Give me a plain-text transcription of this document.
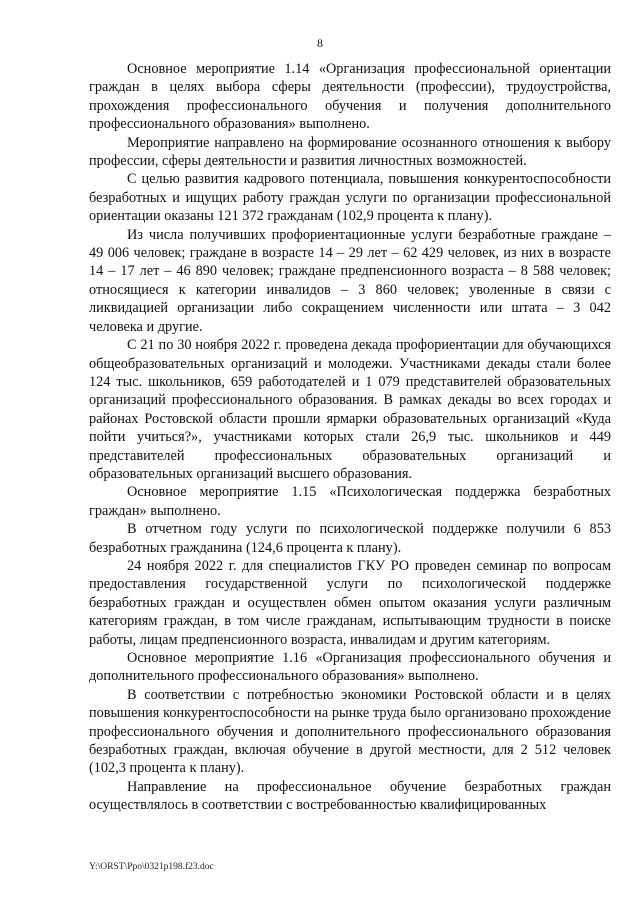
8

Основное мероприятие 1.14 «Организация профессиональной ориентации граждан в целях выбора сферы деятельности (профессии), трудоустройства, прохождения профессионального обучения и получения дополнительного профессионального образования» выполнено.

Мероприятие направлено на формирование осознанного отношения к выбору профессии, сферы деятельности и развития личностных возможностей.

С целью развития кадрового потенциала, повышения конкурентоспособности безработных и ищущих работу граждан услуги по организации профессиональной ориентации оказаны 121 372 гражданам (102,9 процента к плану).

Из числа получивших профориентационные услуги безработные граждане – 49 006 человек; граждане в возрасте 14 – 29 лет – 62 429 человек, из них в возрасте 14 – 17 лет – 46 890 человек; граждане предпенсионного возраста – 8 588 человек; относящиеся к категории инвалидов – 3 860 человек; уволенные в связи с ликвидацией организации либо сокращением численности или штата – 3 042 человека и другие.

С 21 по 30 ноября 2022 г. проведена декада профориентации для обучающихся общеобразовательных организаций и молодежи. Участниками декады стали более 124 тыс. школьников, 659 работодателей и 1 079 представителей образовательных организаций профессионального образования. В рамках декады во всех городах и районах Ростовской области прошли ярмарки образовательных организаций «Куда пойти учиться?», участниками которых стали 26,9 тыс. школьников и 449 представителей профессиональных образовательных организаций и образовательных организаций высшего образования.

Основное мероприятие 1.15 «Психологическая поддержка безработных граждан» выполнено.

В отчетном году услуги по психологической поддержке получили 6 853 безработных гражданина (124,6 процента к плану).

24 ноября 2022 г. для специалистов ГКУ РО проведен семинар по вопросам предоставления государственной услуги по психологической поддержке безработных граждан и осуществлен обмен опытом оказания услуги различным категориям граждан, в том числе гражданам, испытывающим трудности в поиске работы, лицам предпенсионного возраста, инвалидам и другим категориям.

Основное мероприятие 1.16 «Организация профессионального обучения и дополнительного профессионального образования» выполнено.

В соответствии с потребностью экономики Ростовской области и в целях повышения конкурентоспособности на рынке труда было организовано прохождение профессионального обучения и дополнительного профессионального образования безработных граждан, включая обучение в другой местности, для 2 512 человек (102,3 процента к плану).

Направление на профессиональное обучение безработных граждан осуществлялось в соответствии с востребованностью квалифицированных

Y:\ORST\Ppo\0321p198.f23.doc
